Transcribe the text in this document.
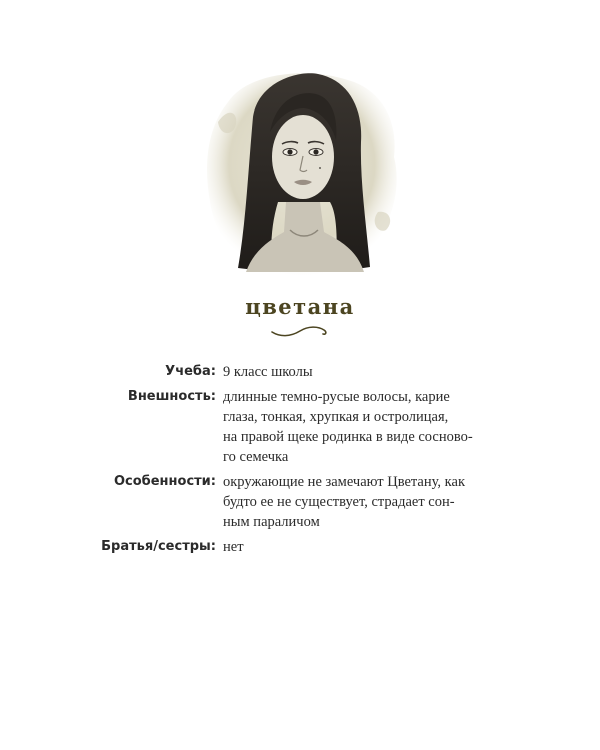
цветана
Учеба: 9 класс школы
Внешность: длинные темно-русые волосы, карие
глаза, тонкая, хрупкая и остролицая,
на правой щеке родинка в виде сосново-
го семечка
Особенности: окружающие не замечают Цветану, как
будто ее не существует, страдает сон-
ным параличом
Братья/сестры: нет
